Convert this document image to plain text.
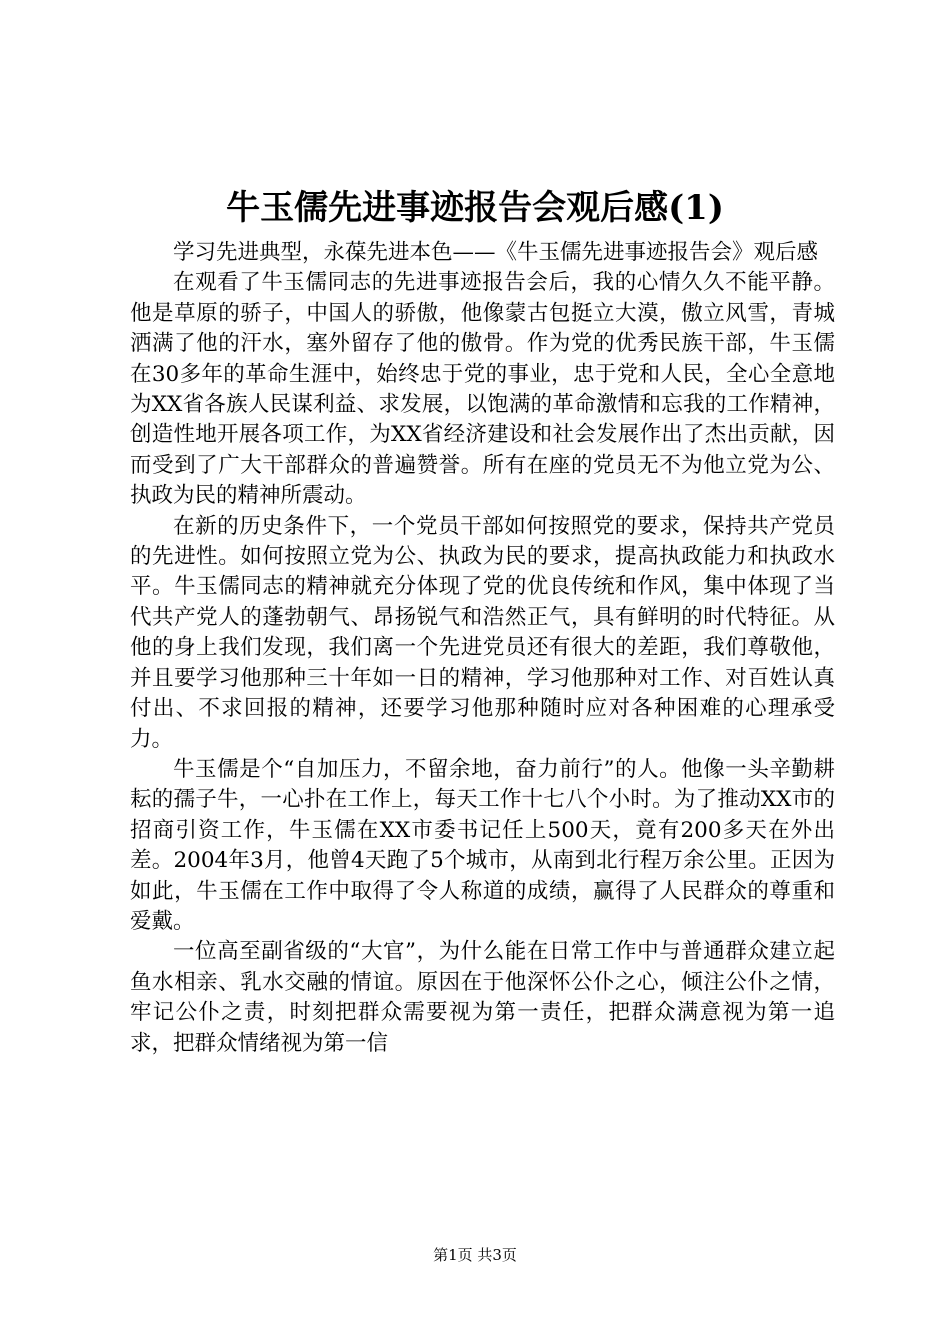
牛玉儒先进事迹报告会观后感(1)

学习先进典型，永葆先进本色——《牛玉儒先进事迹报告会》观后感

在观看了牛玉儒同志的先进事迹报告会后，我的心情久久不能平静。他是草原的骄子，中国人的骄傲，他像蒙古包挺立大漠，傲立风雪，青城洒满了他的汗水，塞外留存了他的傲骨。作为党的优秀民族干部，牛玉儒在30多年的革命生涯中，始终忠于党的事业，忠于党和人民，全心全意地为XX省各族人民谋利益、求发展，以饱满的革命激情和忘我的工作精神，创造性地开展各项工作，为XX省经济建设和社会发展作出了杰出贡献，因而受到了广大干部群众的普遍赞誉。所有在座的党员无不为他立党为公、执政为民的精神所震动。

在新的历史条件下，一个党员干部如何按照党的要求，保持共产党员的先进性。如何按照立党为公、执政为民的要求，提高执政能力和执政水平。牛玉儒同志的精神就充分体现了党的优良传统和作风，集中体现了当代共产党人的蓬勃朝气、昂扬锐气和浩然正气，具有鲜明的时代特征。从他的身上我们发现，我们离一个先进党员还有很大的差距，我们尊敬他，并且要学习他那种三十年如一日的精神，学习他那种对工作、对百姓认真付出、不求回报的精神，还要学习他那种随时应对各种困难的心理承受力。

牛玉儒是个“自加压力，不留余地，奋力前行”的人。他像一头辛勤耕耘的孺子牛，一心扑在工作上，每天工作十七八个小时。为了推动XX市的招商引资工作，牛玉儒在XX市委书记任上500天，竟有200多天在外出差。2004年3月，他曾4天跑了5个城市，从南到北行程万余公里。正因为如此，牛玉儒在工作中取得了令人称道的成绩，赢得了人民群众的尊重和爱戴。

一位高至副省级的“大官”，为什么能在日常工作中与普通群众建立起鱼水相亲、乳水交融的情谊。原因在于他深怀公仆之心，倾注公仆之情，牢记公仆之责，时刻把群众需要视为第一责任，把群众满意视为第一追求，把群众情绪视为第一信

第1页 共3页
